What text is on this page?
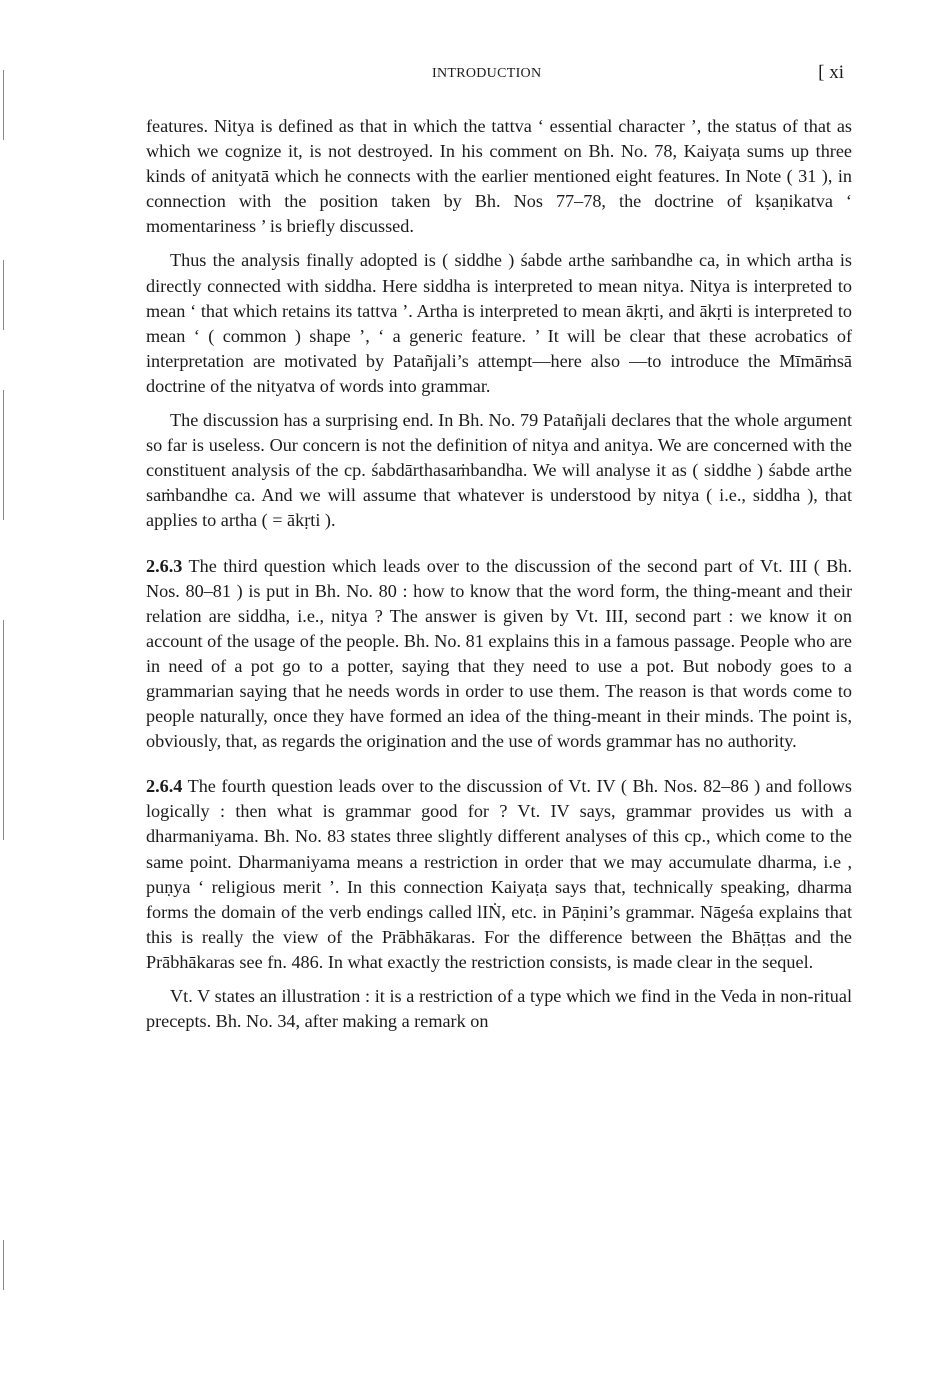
INTRODUCTION	[ xi

features. Nitya is defined as that in which the tattva ‘ essential character ’, the status of that as which we cognize it, is not destroyed. In his comment on Bh. No. 78, Kaiyaṭa sums up three kinds of anityatā which he connects with the earlier mentioned eight features. In Note ( 31 ), in connection with the position taken by Bh. Nos 77–78, the doctrine of kṣaṇikatva ‘ momentariness ’ is briefly discussed.

Thus the analysis finally adopted is ( siddhe ) śabde arthe saṁbandhe ca, in which artha is directly connected with siddha. Here siddha is interpreted to mean nitya. Nitya is interpreted to mean ‘ that which retains its tattva ’. Artha is interpreted to mean ākṛti, and ākṛti is interpreted to mean ‘ ( common ) shape ’, ‘ a generic feature. ’ It will be clear that these acrobatics of interpretation are motivated by Patañjali’s attempt—here also —to introduce the Mīmāṁsā doctrine of the nityatva of words into grammar.

The discussion has a surprising end. In Bh. No. 79 Patañjali declares that the whole argument so far is useless. Our concern is not the definition of nitya and anitya. We are concerned with the constituent analysis of the cp. śabdārthasaṁbandha. We will analyse it as ( siddhe ) śabde arthe saṁbandhe ca. And we will assume that whatever is understood by nitya ( i.e., siddha ), that applies to artha ( = ākṛti ).

2.6.3 The third question which leads over to the discussion of the second part of Vt. III ( Bh. Nos. 80–81 ) is put in Bh. No. 80 : how to know that the word form, the thing-meant and their relation are siddha, i.e., nitya ? The answer is given by Vt. III, second part : we know it on account of the usage of the people. Bh. No. 81 explains this in a famous passage. People who are in need of a pot go to a potter, saying that they need to use a pot. But nobody goes to a grammarian saying that he needs words in order to use them. The reason is that words come to people naturally, once they have formed an idea of the thing-meant in their minds. The point is, obviously, that, as regards the origination and the use of words grammar has no authority.

2.6.4 The fourth question leads over to the discussion of Vt. IV ( Bh. Nos. 82–86 ) and follows logically : then what is grammar good for ? Vt. IV says, grammar provides us with a dharmaniyama. Bh. No. 83 states three slightly different analyses of this cp., which come to the same point. Dharmaniyama means a restriction in order that we may accumulate dharma, i.e , puṇya ‘ religious merit ’. In this connection Kaiyaṭa says that, technically speaking, dharma forms the domain of the verb endings called lIṄ, etc. in Pāṇini’s grammar. Nāgeśa explains that this is really the view of the Prābhākaras. For the difference between the Bhāṭṭas and the Prābhākaras see fn. 486. In what exactly the restriction consists, is made clear in the sequel.

Vt. V states an illustration : it is a restriction of a type which we find in the Veda in non-ritual precepts. Bh. No. 34, after making a remark on
